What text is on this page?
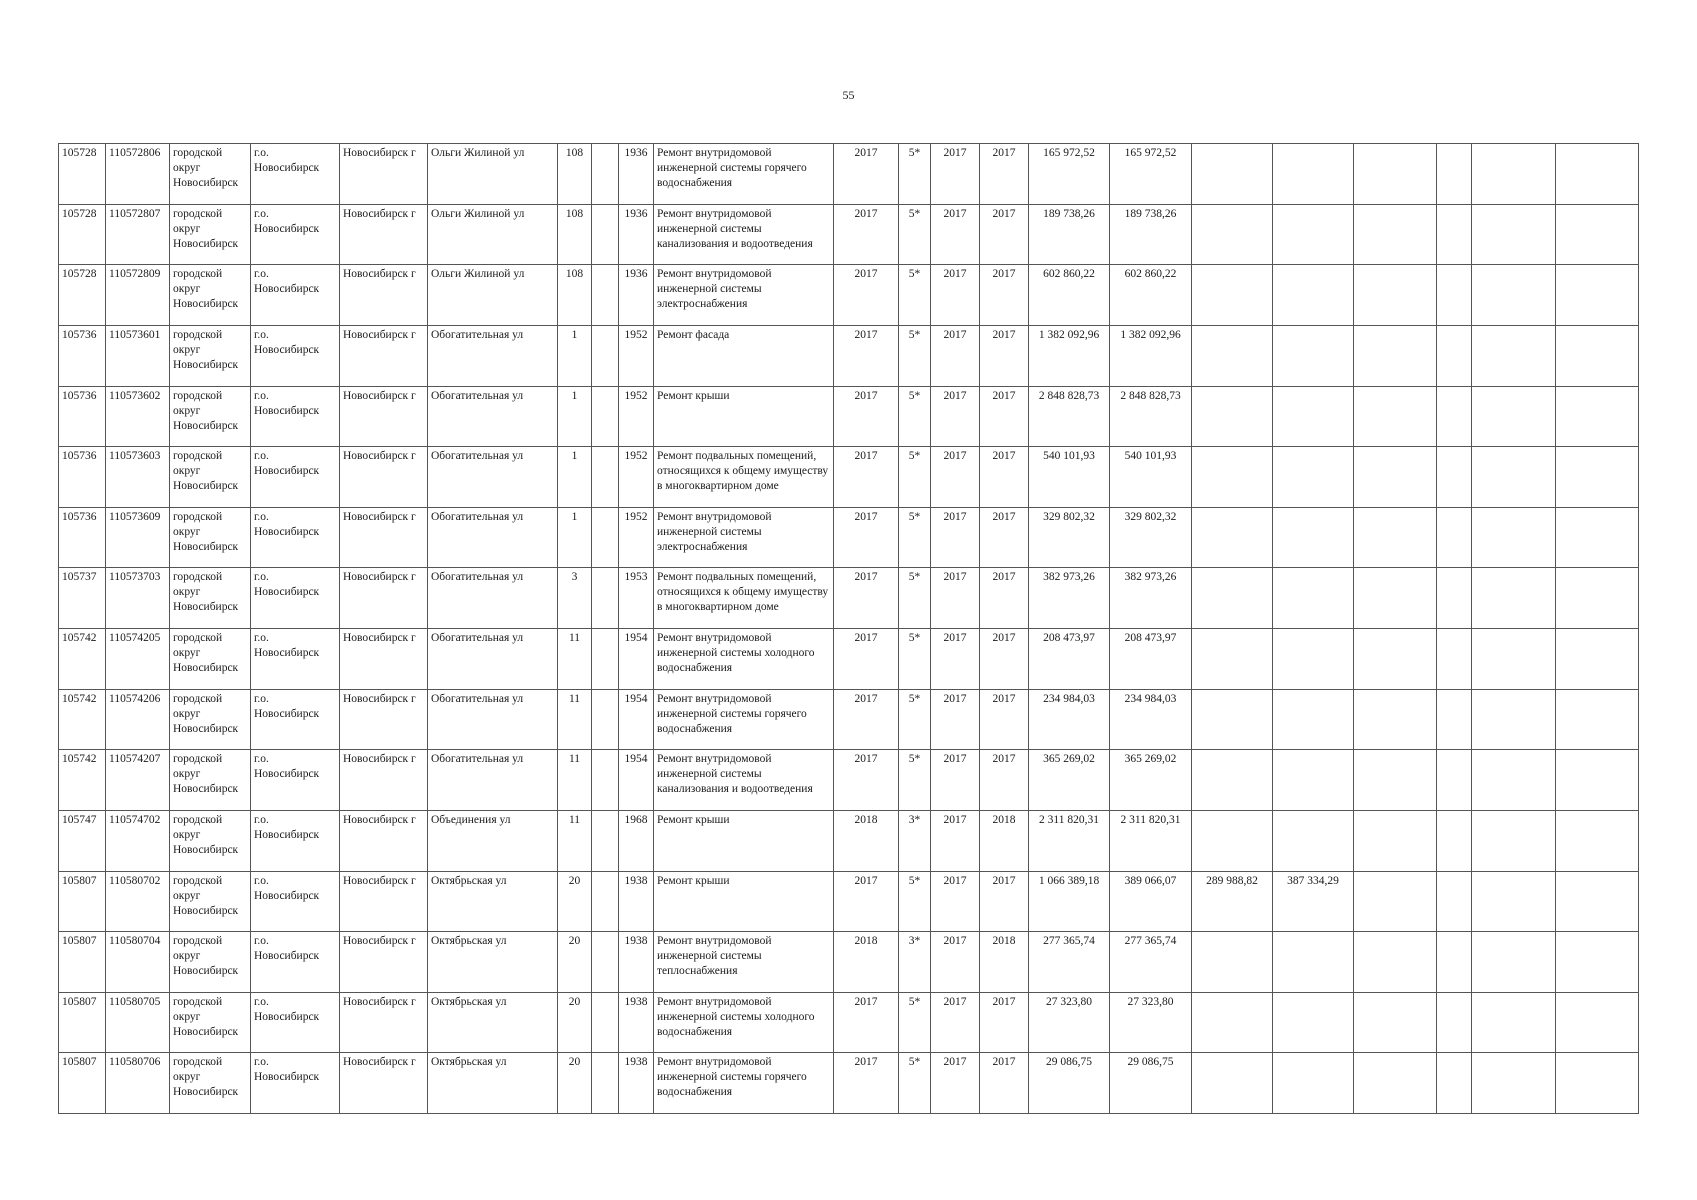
55
105728	110572806	городской округ Новосибирск	г.о. Новосибирск	Новосибирск г	Ольги Жилиной ул	108		1936	Ремонт внутридомовой инженерной системы горячего водоснабжения	2017	5*	2017	2017	165 972,52	165 972,52						
105728	110572807	городской округ Новосибирск	г.о. Новосибирск	Новосибирск г	Ольги Жилиной ул	108		1936	Ремонт внутридомовой инженерной системы канализования и водоотведения	2017	5*	2017	2017	189 738,26	189 738,26						
105728	110572809	городской округ Новосибирск	г.о. Новосибирск	Новосибирск г	Ольги Жилиной ул	108		1936	Ремонт внутридомовой инженерной системы электроснабжения	2017	5*	2017	2017	602 860,22	602 860,22						
105736	110573601	городской округ Новосибирск	г.о. Новосибирск	Новосибирск г	Обогатительная ул	1		1952	Ремонт фасада	2017	5*	2017	2017	1 382 092,96	1 382 092,96						
105736	110573602	городской округ Новосибирск	г.о. Новосибирск	Новосибирск г	Обогатительная ул	1		1952	Ремонт крыши	2017	5*	2017	2017	2 848 828,73	2 848 828,73						
105736	110573603	городской округ Новосибирск	г.о. Новосибирск	Новосибирск г	Обогатительная ул	1		1952	Ремонт подвальных помещений, относящихся к общему имуществу в многоквартирном доме	2017	5*	2017	2017	540 101,93	540 101,93						
105736	110573609	городской округ Новосибирск	г.о. Новосибирск	Новосибирск г	Обогатительная ул	1		1952	Ремонт внутридомовой инженерной системы электроснабжения	2017	5*	2017	2017	329 802,32	329 802,32						
105737	110573703	городской округ Новосибирск	г.о. Новосибирск	Новосибирск г	Обогатительная ул	3		1953	Ремонт подвальных помещений, относящихся к общему имуществу в многоквартирном доме	2017	5*	2017	2017	382 973,26	382 973,26						
105742	110574205	городской округ Новосибирск	г.о. Новосибирск	Новосибирск г	Обогатительная ул	11		1954	Ремонт внутридомовой инженерной системы холодного водоснабжения	2017	5*	2017	2017	208 473,97	208 473,97						
105742	110574206	городской округ Новосибирск	г.о. Новосибирск	Новосибирск г	Обогатительная ул	11		1954	Ремонт внутридомовой инженерной системы горячего водоснабжения	2017	5*	2017	2017	234 984,03	234 984,03						
105742	110574207	городской округ Новосибирск	г.о. Новосибирск	Новосибирск г	Обогатительная ул	11		1954	Ремонт внутридомовой инженерной системы канализования и водоотведения	2017	5*	2017	2017	365 269,02	365 269,02						
105747	110574702	городской округ Новосибирск	г.о. Новосибирск	Новосибирск г	Объединения ул	11		1968	Ремонт крыши	2018	3*	2017	2018	2 311 820,31	2 311 820,31						
105807	110580702	городской округ Новосибирск	г.о. Новосибирск	Новосибирск г	Октябрьская ул	20		1938	Ремонт крыши	2017	5*	2017	2017	1 066 389,18	389 066,07	289 988,82	387 334,29				
105807	110580704	городской округ Новосибирск	г.о. Новосибирск	Новосибирск г	Октябрьская ул	20		1938	Ремонт внутридомовой инженерной системы теплоснабжения	2018	3*	2017	2018	277 365,74	277 365,74						
105807	110580705	городской округ Новосибирск	г.о. Новосибирск	Новосибирск г	Октябрьская ул	20		1938	Ремонт внутридомовой инженерной системы холодного водоснабжения	2017	5*	2017	2017	27 323,80	27 323,80						
105807	110580706	городской округ Новосибирск	г.о. Новосибирск	Новосибирск г	Октябрьская ул	20		1938	Ремонт внутридомовой инженерной системы горячего водоснабжения	2017	5*	2017	2017	29 086,75	29 086,75						
